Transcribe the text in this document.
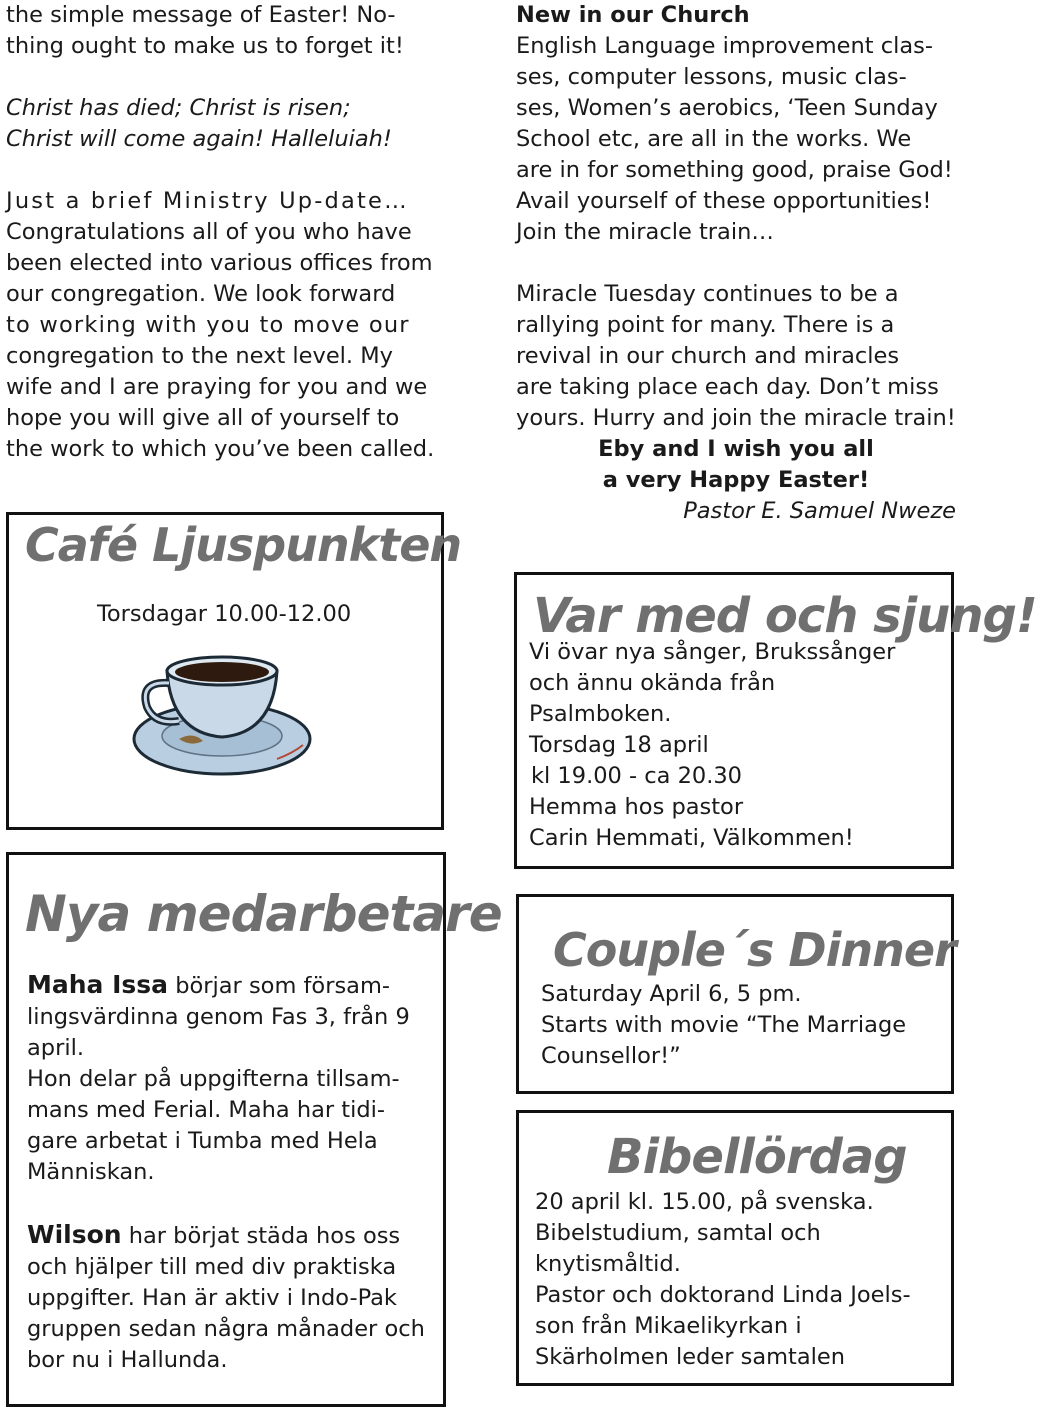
the simple message of Easter! No-
thing ought to make us to forget it!
Christ has died; Christ is risen;
Christ will come again! Halleluiah!
Just a brief Ministry Up-date…
Congratulations all of you who have
been elected into various offices from
our congregation. We look forward
to working with you to move our
congregation to the next level. My
wife and I are praying for you and we
hope you will give all of yourself to
the work to which you’ve been called.
New in our Church
English Language improvement clas-
ses, computer lessons, music clas-
ses, Women’s aerobics, ‘Teen Sunday
School etc, are all in the works. We
are in for something good, praise God!
Avail yourself of these opportunities!
Join the miracle train…
Miracle Tuesday continues to be a
rallying point for many. There is a
revival in our church and miracles
are taking place each day. Don’t miss
yours. Hurry and join the miracle train!
Eby and I wish you all
a very Happy Easter!
Pastor E. Samuel Nweze
Café Ljuspunkten
Torsdagar 10.00-12.00	Var med och sjung!
Vi övar nya sånger, Brukssånger
och ännu okända från
Psalmboken.
Torsdag 18 april
kl 19.00 - ca 20.30
Hemma hos pastor
Carin Hemmati, Välkommen!
Nya medarbetare
Maha Issa börjar som försam-
lingsvärdinna genom Fas 3, från 9
april.
Hon delar på uppgifterna tillsam-
mans med Ferial. Maha har tidi-
gare arbetat i Tumba med Hela
Människan.
Wilson har börjat städa hos oss
och hjälper till med div praktiska
uppgifter. Han är aktiv i Indo-Pak
gruppen sedan några månader och
bor nu i Hallunda.
Couple´s Dinner
Saturday April 6, 5 pm.
Starts with movie “The Marriage
Counsellor!”
Bibellördag
20 april kl. 15.00, på svenska.
Bibelstudium, samtal och
knytismåltid.
Pastor och doktorand Linda Joels-
son från Mikaelikyrkan i
Skärholmen leder samtalen
